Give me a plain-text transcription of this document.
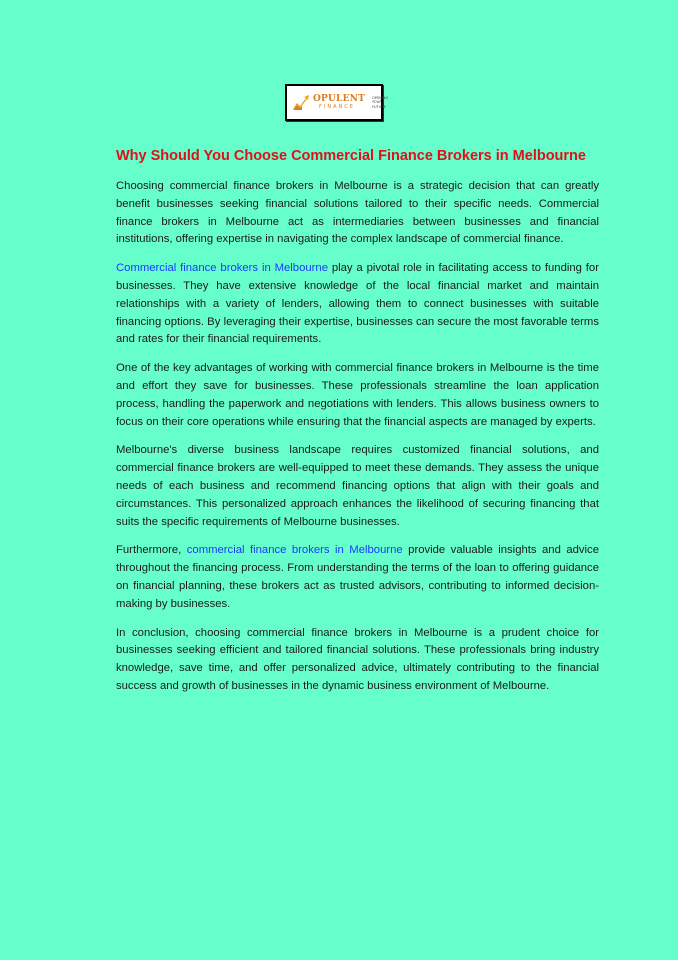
OPULENT
FINANCE
OPENING
YOUR
FUTURE
Why Should You Choose Commercial Finance Brokers in Melbourne

Choosing commercial finance brokers in Melbourne is a strategic decision that can greatly benefit businesses seeking financial solutions tailored to their specific needs. Commercial finance brokers in Melbourne act as intermediaries between businesses and financial institutions, offering expertise in navigating the complex landscape of commercial finance.

Commercial finance brokers in Melbourne play a pivotal role in facilitating access to funding for businesses. They have extensive knowledge of the local financial market and maintain relationships with a variety of lenders, allowing them to connect businesses with suitable financing options. By leveraging their expertise, businesses can secure the most favorable terms and rates for their financial requirements.

One of the key advantages of working with commercial finance brokers in Melbourne is the time and effort they save for businesses. These professionals streamline the loan application process, handling the paperwork and negotiations with lenders. This allows business owners to focus on their core operations while ensuring that the financial aspects are managed by experts.

Melbourne's diverse business landscape requires customized financial solutions, and commercial finance brokers are well-equipped to meet these demands. They assess the unique needs of each business and recommend financing options that align with their goals and circumstances. This personalized approach enhances the likelihood of securing financing that suits the specific requirements of Melbourne businesses.

Furthermore, commercial finance brokers in Melbourne provide valuable insights and advice throughout the financing process. From understanding the terms of the loan to offering guidance on financial planning, these brokers act as trusted advisors, contributing to informed decision-making by businesses.

In conclusion, choosing commercial finance brokers in Melbourne is a prudent choice for businesses seeking efficient and tailored financial solutions. These professionals bring industry knowledge, save time, and offer personalized advice, ultimately contributing to the financial success and growth of businesses in the dynamic business environment of Melbourne.
